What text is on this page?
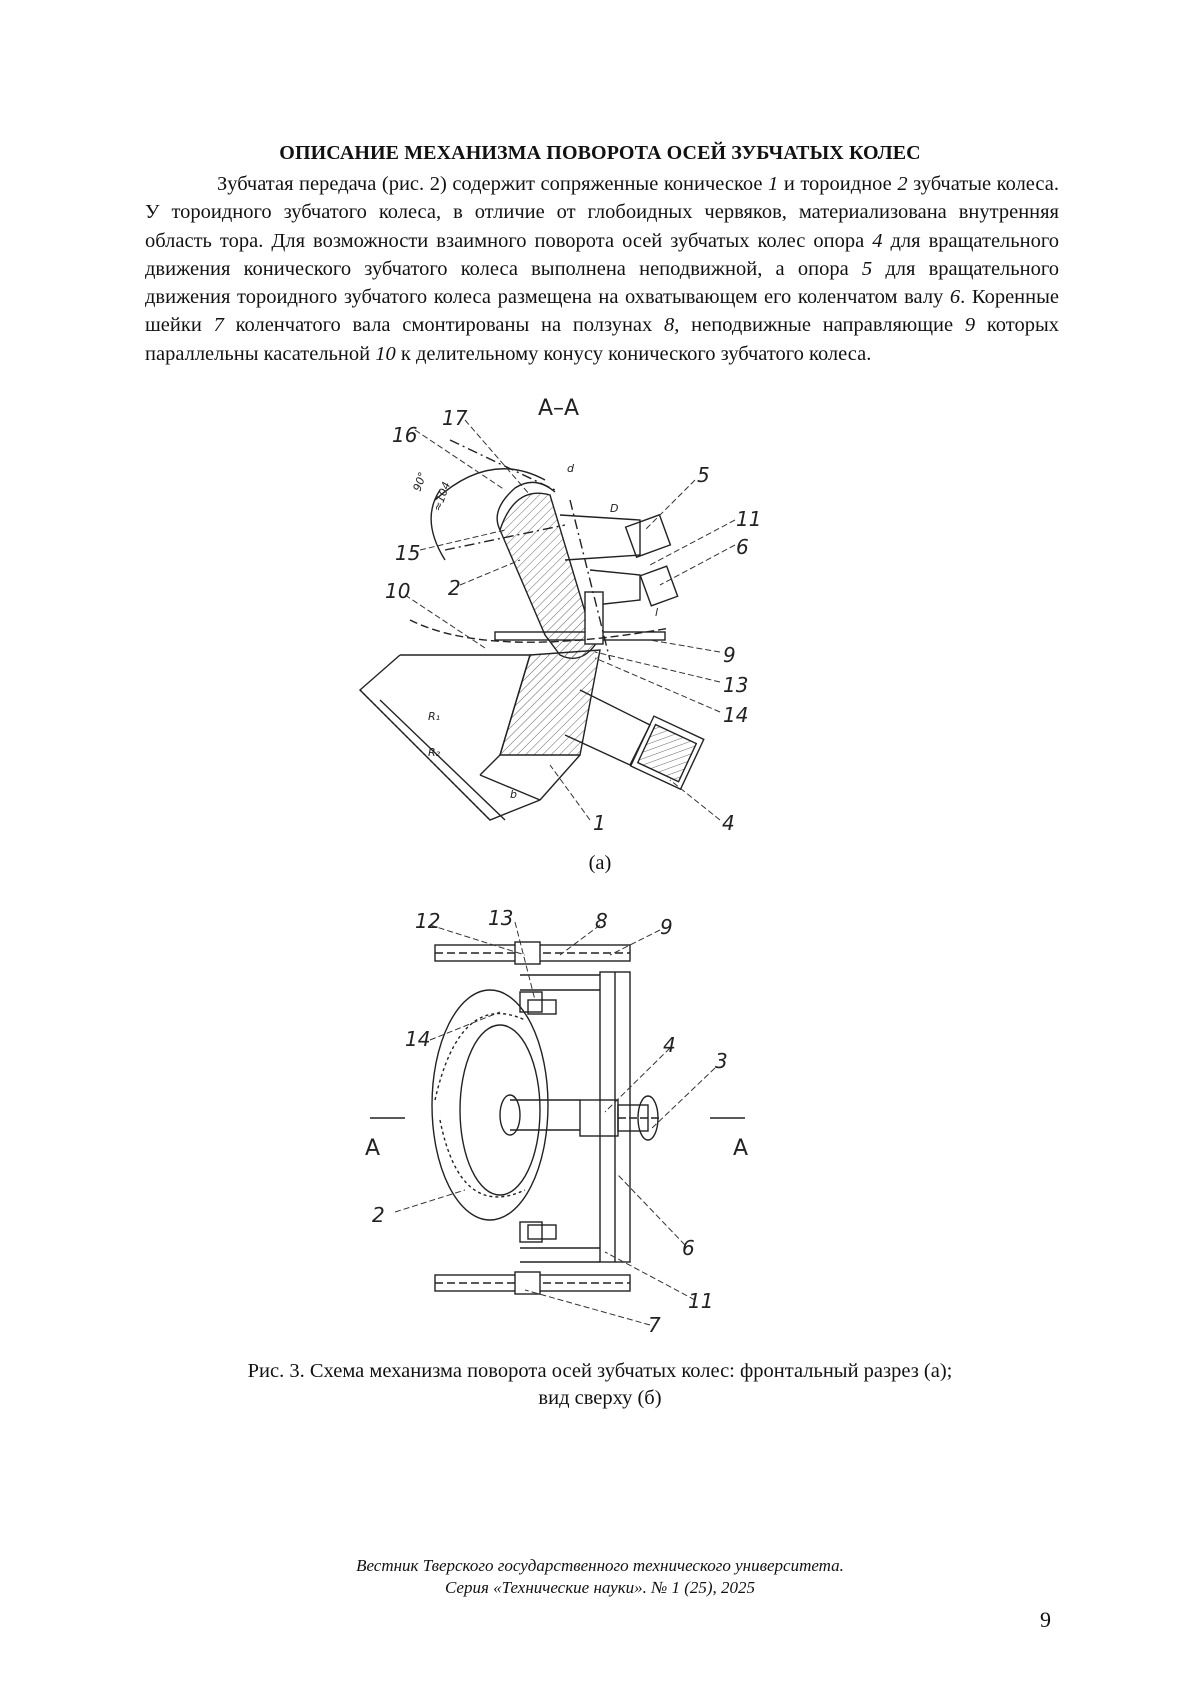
ОПИСАНИЕ МЕХАНИЗМА ПОВОРОТА ОСЕЙ ЗУБЧАТЫХ КОЛЕС

Зубчатая передача (рис. 2) содержит сопряженные коническое 1 и тороидное 2 зубчатые колеса. У тороидного зубчатого колеса, в отличие от глобоидных червяков, материализована внутренняя область тора. Для возможности взаимного поворота осей зубчатых колес опора 4 для вращательного движения конического зубчатого колеса выполнена неподвижной, а опора 5 для вращательного движения тороидного зубчатого колеса размещена на охватывающем его коленчатом валу 6. Коренные шейки 7 коленчатого вала смонтированы на ползунах 8, неподвижные направляющие 9 которых параллельны касательной 10 к делительному конусу конического зубчатого колеса.

А–А
16
17
5
11
6
15
2
10
9
13
14
1	4
d
D
l
b
R₁
R₂
90° ≈104
(а)
12 13	8	9
14	4
3
2
6
11
7
А	А
Рис. 3. Схема механизма поворота осей зубчатых колес: фронтальный разрез (а);
вид сверху (б)
Вестник Тверского государственного технического университета.
Серия «Технические науки». № 1 (25), 2025
9
